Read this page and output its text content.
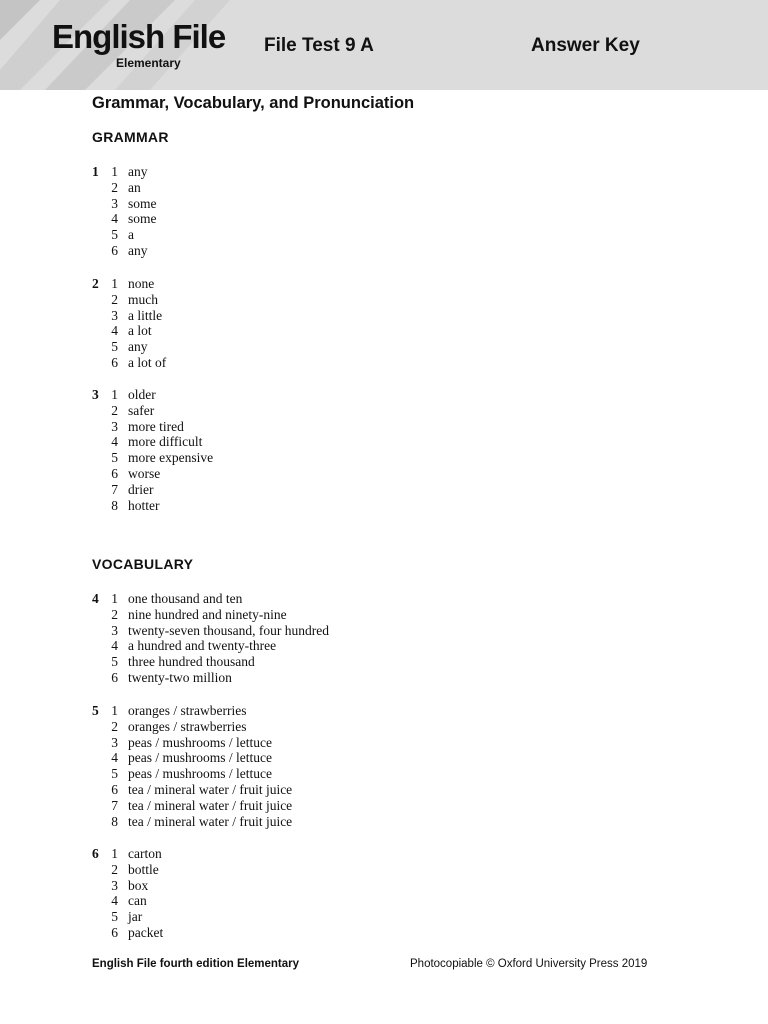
English File
Elementary
File Test 9 A	Answer Key
Grammar, Vocabulary, and Pronunciation
GRAMMAR
VOCABULARY
1 1 any
2 an
3 some
4 some
5 a
6 any
2 1 none
2 much
3 a little
4 a lot
5 any
6 a lot of
3 1 older
2 safer
3 more tired
4 more difficult
5 more expensive
6 worse
7 drier
8 hotter
4 1 one thousand and ten
2 nine hundred and ninety-nine
3 twenty-seven thousand, four hundred
4 a hundred and twenty-three
5 three hundred thousand
6 twenty-two million
5 1 oranges / strawberries
2 oranges / strawberries
3 peas / mushrooms / lettuce
4 peas / mushrooms / lettuce
5 peas / mushrooms / lettuce
6 tea / mineral water / fruit juice
7 tea / mineral water / fruit juice
8 tea / mineral water / fruit juice
6 1 carton
2 bottle
3 box
4 can
5 jar
6 packet
English File fourth edition Elementary	Photocopiable © Oxford University Press 2019
